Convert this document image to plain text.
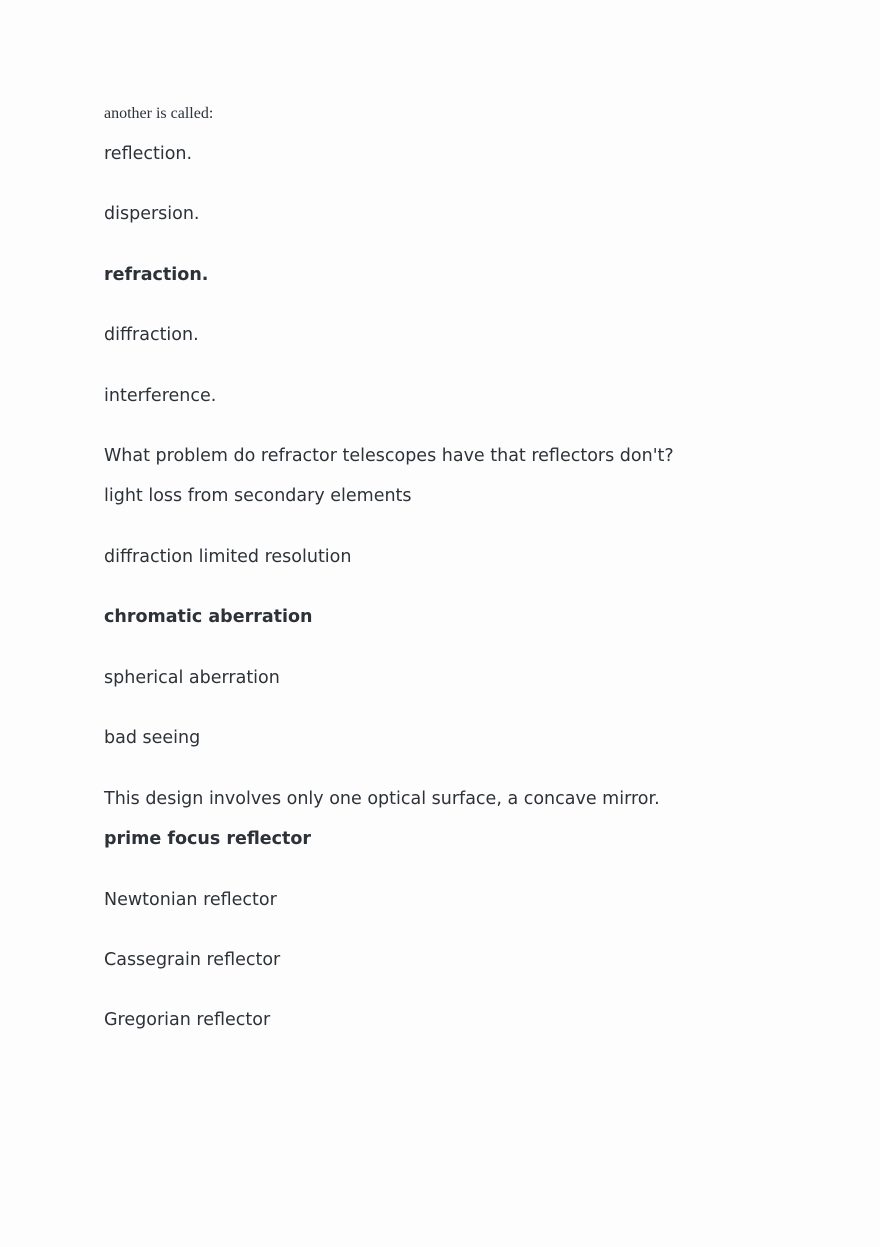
another is called:
reflection.
dispersion.
refraction.
diffraction.
interference.
What problem do refractor telescopes have that reflectors don't?
light loss from secondary elements
diffraction limited resolution
chromatic aberration
spherical aberration
bad seeing
This design involves only one optical surface, a concave mirror.
prime focus reflector
Newtonian reflector
Cassegrain reflector
Gregorian reflector
